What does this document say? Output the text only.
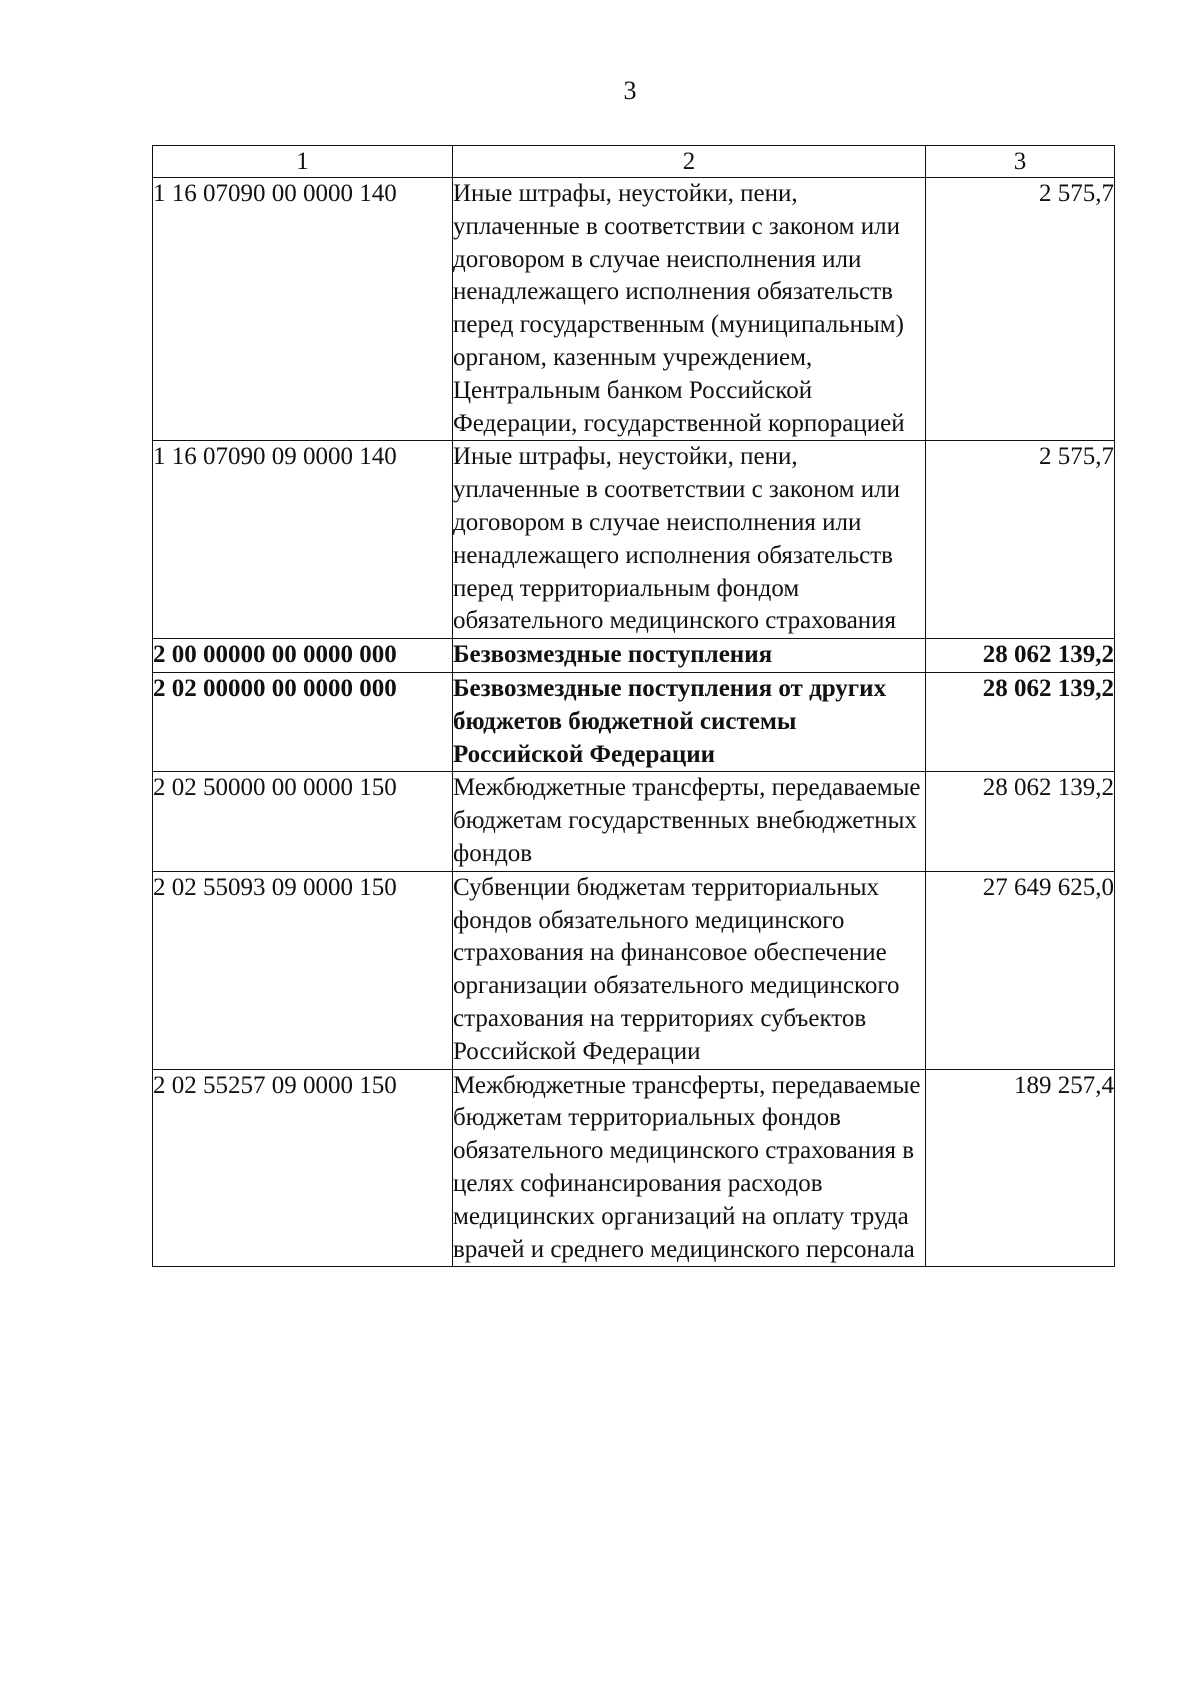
3
1	2	3
1 16 07090 00 0000 140	Иные штрафы, неустойки, пени, уплаченные в соответствии с законом или договором в случае неисполнения или ненадлежащего исполнения обязательств перед государственным (муниципальным) органом, казенным учреждением, Центральным банком Российской Федерации, государственной корпорацией	2 575,7
1 16 07090 09 0000 140	Иные штрафы, неустойки, пени, уплаченные в соответствии с законом или договором в случае неисполнения или ненадлежащего исполнения обязательств перед территориальным фондом обязательного медицинского страхования	2 575,7
2 00 00000 00 0000 000	Безвозмездные поступления	28 062 139,2
2 02 00000 00 0000 000	Безвозмездные поступления от других бюджетов бюджетной системы Российской Федерации	28 062 139,2
2 02 50000 00 0000 150	Межбюджетные трансферты, передаваемые бюджетам государственных внебюджетных фондов	28 062 139,2
2 02 55093 09 0000 150	Субвенции бюджетам территориальных фондов обязательного медицинского страхования на финансовое обеспечение организации обязательного медицинского страхования на территориях субъектов Российской Федерации	27 649 625,0
2 02 55257 09 0000 150	Межбюджетные трансферты, передаваемые бюджетам территориальных фондов обязательного медицинского страхования в целях софинансирования расходов медицинских организаций на оплату труда врачей и среднего медицинского персонала	189 257,4
